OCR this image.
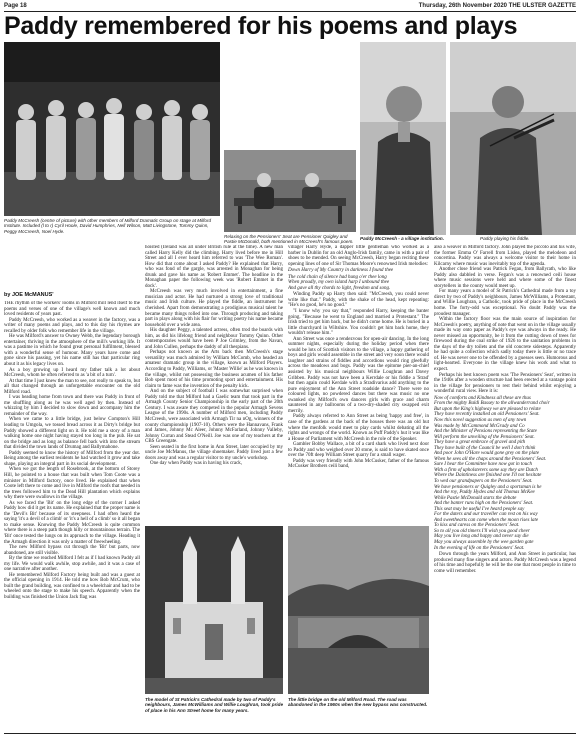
Page 18	Thursday, 26th November 2020 THE ULSTER GAZETTE
Paddy remembered for his poems and plays
Paddy McCreesh (centre of picture) with other members of Milford Dramatic Group on stage at Milford Institute. Included (l to r) Cyril Hoole, David Humphries, Nell Wilson, Matt Livingstone, Tommy Quinn, Peggy McCreesh, Noel Hyde.
Relaxing on the Pensioners' Seat are Pensioner Quigley and Pastie McDonald, both mentioned in McCreesh's famous poem.
Paddy McCreesh - a village institution.	Paddy playing his fiddle.
by JOE McMANUS'

THE rhythm of the workers' looms in Milford mill lend itself to the poems and verses of one of the village's well known and much loved residents of years past.

Paddy McCreesh, who worked as a weaver in the factory, was a writer of many poems and plays, and to this day his rhymes are recalled by older folk who remember life in the village.

He was Milford's answer to Owney Webb, the legendary borough entertainer, thriving in the atmosphere of the mill's working life. It was a pastime in which he found great personal fulfilment, blessed with a wonderful sense of humour. Many years have come and gone since his passing, yet his name still has that particular ring about it as his legacy lives on.

As a boy growing up I heard my father talk a lot about McCreesh, whom he often referred to as 'a bit of a turn'.

At that time I just knew the man to see, not really to speak to, but all that changed through an unforgettable encounter on the old Milford road.

I was heading home from town and there was Paddy in front of me shuffling along as he was well aged by then. Instead of whizzing by him I decided to slow down and accompany him the remainder of the way.

When we came to a little bridge, just below Compton's Hill leading to Umgola, we tossed bread across it as Dirty's bridge but Paddy showed a different light on it. He told me a story of a man walking home one night having stayed too long in the pub. He sat on the bridge and as long as balance fell back with into the stream that divided the town lands of Drumag and Ballymahone.

Paddy seemed to know the history of Milford from the year dot. Being among the earliest residents he had watched it grow and take shape, playing an integral part in its social development.

When we got the length of Rosebrook, at the bottom of Storey Hill, he pointed to a house that was built when Tom Coote was a minister in Milford factory, once lived. He explained that when Coote left there to come and live in Milford the roofs that needed in the trees followed him to the Dead Hill plantation which explains why there were swallows in the village.

As we faced the 'Bit' on the long edge of the corner I asked Paddy how did it get its name. He explained that the proper name is the 'Devil's Bit' because of its steepness. I had often heard the saying 'it's a devil of a climb' or 'it's a hell of a climb' so it all began to make sense. Knowing the Paddy McCreesh is quite common where there is a steep path though hilly or mountainous terrain. The 'Bit' once tested the lungs on its approach to the village. Heading it the Armagh direction it was only a matter of freewheeling.

The new Milford bypass cut through the 'Bit' but parts, now abandoned, are still visible.

By the time we reached Milford I felt as if I had known Paddy all my life. We would walk awhile, stop awhile, and it was a case of one narrative after another.

He remembered Milford Factory being built and was a guest at the official opening in 1914. He told me how Bob McCrum, who built the grand building, was confined to a wheelchair and had to be wheeled onto the stage to make his speech. Apparently when the building was finished the Union Jack flag was

hoisted (Ireland was all under British rule at the time). A new man called Harry Kelly did the climbing. Harry lived before me in Hill Street and all I ever heard him referred to was 'The Wee Roman'. How did that come about I asked Paddy? He explained that Harry, who was fond of the gargle, was arrested in Monaghan for being drunk and gave his name as 'Robert Emmet'. The headline in the Monaghan paper the following week was 'Robert Emmet in the dock'.

McCreesh was very much involved in entertainment, a fine musician and actor. He had nurtured a strong love of traditional music and Irish culture. He played the fiddle, an instrument he cherished. Apart from demonstrating a prodigious musical talent he became many things rolled into one. Through producing and taking part in plays along with his flair for writing poetry his name became household over a wide area.

His daughter Peggy, a talented actress, often trod the boards with him, as did his lifelong friend and neighbour Tommy Quinn. Other contemporaries would have been P Joe Grimley, from the Navan, and John Cullen, perhaps the daddy of all thespians.

Perhaps not known as the Arts back then McCreesh's stage versatility was much admired by William McComb, who headed an amateur dramatic group in the village, known as Milford Players. According to Paddy, Williams, or 'Master Willie' as he was known in the village, whilst not possessing the business acumen of his father Bob spent most of his time promoting sport and entertainment. His claim to fame was the invention of the penalty kick.

And on the subject of football I was somewhat surprised when Paddy told me that Milford had a Gaelic team that took part in the Armagh County Senior Championship in the early part of the 20th Century. I was aware they competed in the popular Armagh Sevens League of the 1990s. A number of Milford men, including Paddy McCreesh, were associated with Armagh Tir na nOg, winners of the county championship (1907-10). Others were the Hannavans, Frank and James, Johnny Mc Aleer, Johnny McFarland, Johnny Valleby, Johnny Curran and Stead O'Neill. Joe was one of my teachers at the CBS Greengate.

Seen seated in the first home in Ann Street, later occupied by my uncle Joe McManus, the village shoemaker. Paddy lived just a few doors away and was a regular visitor to my uncle's workshop.

One day when Paddy was in having his crack,

The model of St Patrick's Cathedral made by two of Paddy's neighbours, James McWilliams and Willie Loughran, took pride of place in his Ann Street home for many years.

villager Harry Hyde, a dapper little gentleman who worked as a barber in Dublin for an old Anglo-Irish family, came in with a pair of shoes to be mended. On seeing McCreesh, Harry began reciting these opening lines of one of Sir Thomas Moore's renowned Irish melodies:

Down Harry of My Country in darkness I found thee

The cold chain of silence had hung o'er thee long
When proudly, my own island harp I unbound thee
And gave all thy chords to light, freedom and song.

Winding Paddy up Harry then said: "McCreesh, you could never write like that." Paddy, with the shake of the head, kept repeating: "He's no good, he's no good."

"I know why you say that," responded Harry, keeping the banter going. "Because he went to England and married a Protestant." The Irish tried to get him back, but he didn't come home. He is buried in a little churchyard in Wiltshire. You couldn't get him back home, they wouldn't release him."

Ann Street was once a rendezvous for open-air dancing. In the long summer nights, especially during the holiday period when there would be lots of Scottish visitors to the village, a happy gathering of boys and girls would assemble in the street and very soon there would laughter and strains of fiddles and accordions would ring gleefully across the meadows and bogs. Paddy was the epitome pier-an-chief assisted by his musical neighbours Willie Loughran and Davey Gribben. Paddy was not have been a Kerrdale or his fiddle a 'Strad' but then again could Kerdale with a Stradivarius add anything to the pure enjoyment of the Ann Street roadside dance? There were no coloured lights, no powdered dances but there was music no one swanked shy Milford's own dancers girls with grace and charm sauntered in any ballrooms of a two-dry-shaded city swapped exit merrily.

Paddy always referred to Ann Street as being 'happy and free', in case of the gardens at the back of the houses there was an old hut where the menfolk would meet to play cards whilst debating all the rights and wrongs of the world. Known as Puff Paddy's hut it was like a House of Parliament with McCreesh in the role of the Speaker.

Gambler Bobby Wallace, a bit of a card shark who lived next door to Paddy and who weighed over 20 stone, is said to have skated once over the 70ft deep William Street quarry for a small wager.

Paddy was very friendly with John McCusker, father of the famous McCusker Brothers ceili band,

The little bridge on the old Milford Road. The road was abandoned in the 1960s when the new bypass was constructed.

also a weaver in Milford factory. John played the piccolo and his wife, the former Emma O' Farrell from Lislea, played the melodeon and concertina. Paddy was always a welcome visitor to their home in Kilcarny where music was inevitably top of the agenda.

Another close friend was Patrick Fegan, from Ballyrath, who like Paddy also dabbled in verse. Fegan's was a renowned ceili house where music sessions were held and where some of the finest storytellers in the county would meet up.

For many years a model of St Patrick's Cathedral made from a toy direct by two of Paddy's neighbours, James McWilliams, a Protestant, and Willie Loughran, a Catholic, took pride of place in the McCreesh home. The forty-odd was exceptional. No doubt Paddy was the proudest manager.

Within the factory floor was the main source of inspiration for McCreesh's poetry, anything of note that went on in the village usually made its way onto paper as Paddy's eye was always in the ready. He never missed an opportunity, be it from the cutting down of trees for firewood during the coal strike of 1926 to the sanitation problems in the days of the dry toilets and the old concrete sidesteps. Apparently he had quite a collection which sadly today there is little or no trace of. He was never one to be offended by a guesses seen. Humorous and light-hearted. Everyone in the village knew his work and what to expect.

Perhaps his best known poem was 'The Pensioners' Seat', written in the 1940s after a wooden structure had been erected at a vantage point in the village for pensioners to rest their behind whilst enjoying a wonderful rural view. Here it is:

Now of comforts and Kindness all these are thus
From the mighty Baldi Bassey to the allwanderrand choir
But upon the King's highway we are pleased to relate
They have recently installed an old Pensioners' Seat.
Now this novel suggestion as men of any town
Was made by McCammond McGrady and Co
And the Minister of Pensions representing the State
Will perform the unveiling of the Pensioners' Seat.
They have a great embrace of gravel and pith
They have built of the Council be well I don't think
And poor John O'Hare would gone grey on the plate
When he sees all the chaps around the Pensioners' Seat.
Sure I hear the Committee have now got in touch
With a firm of upholsterers some say they are Dutch
Where the Daintiness are finished one I'll not hesitate
To wed our grandpapers on the Pensioners' Seat.
We have pensioners or Quigley and a sportsman is he
And the roy, Paddy Hydes and old Thomas McKee
While Pastie McDonald starts the debate
And the banter runs high on the Pensioners' Seat.
This seat may be useful I've heard people say
For the daters and our traveller can rest on his way
And sweethearts can come when the moon rises late
To kiss and caress on the Pensioners' Seat.
So to all you old timers I'll wish you good cheer
May you live long and happy and never say die
May you always assemble by the wee garden gate
In the evening of life on the Pensioners' Seat.

Down through the years Milford, and Ann Street in particular, has produced many fine singers and actors. Paddy McCreesh was a legend of his time and hopefully he will be the one that most people in time to come will remember.
